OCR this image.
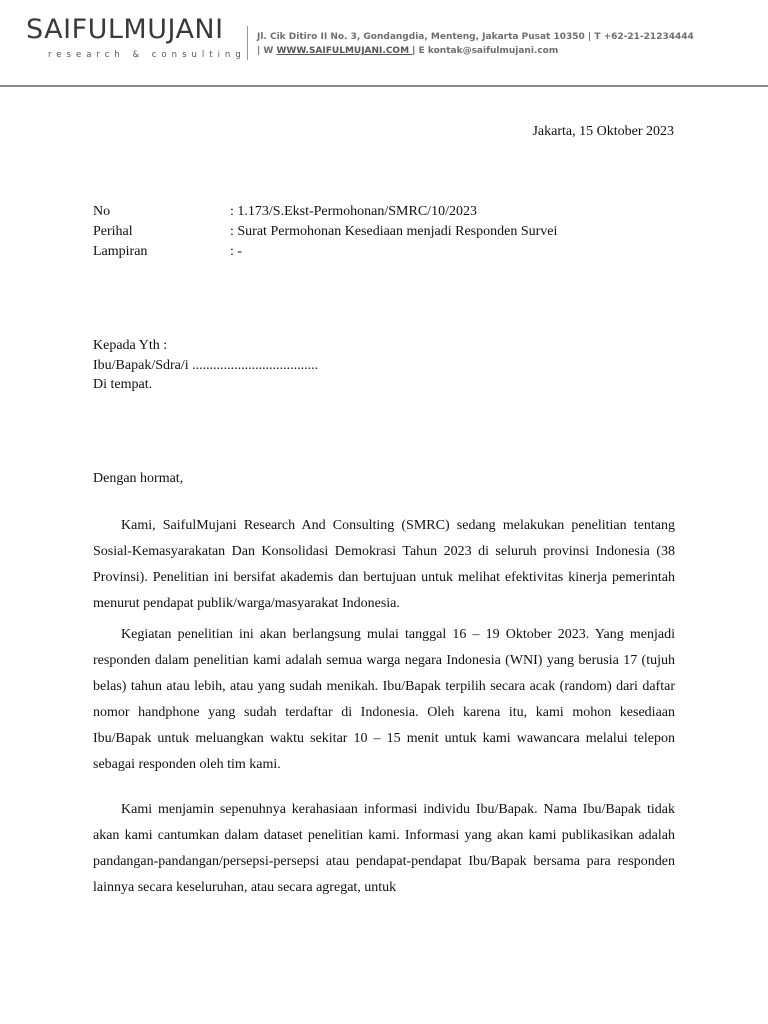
SAIFULMUJANI
research & consulting
Jl. Cik Ditiro II No. 3, Gondangdia, Menteng, Jakarta Pusat 10350 | T +62-21-21234444
| W WWW.SAIFULMUJANI.COM | E kontak@saifulmujani.com
Jakarta, 15 Oktober 2023
No	: 1.173/S.Ekst-Permohonan/SMRC/10/2023
Perihal	: Surat Permohonan Kesediaan menjadi Responden Survei
Lampiran	: -
Kepada Yth :
Ibu/Bapak/Sdra/i ....................................
Di tempat.
Dengan hormat,

Kami, SaifulMujani Research And Consulting (SMRC) sedang melakukan penelitian tentang Sosial-Kemasyarakatan Dan Konsolidasi Demokrasi Tahun 2023 di seluruh provinsi Indonesia (38 Provinsi). Penelitian ini bersifat akademis dan bertujuan untuk melihat efektivitas kinerja pemerintah menurut pendapat publik/warga/masyarakat Indonesia.

Kegiatan penelitian ini akan berlangsung mulai tanggal 16 – 19 Oktober 2023. Yang menjadi responden dalam penelitian kami adalah semua warga negara Indonesia (WNI) yang berusia 17 (tujuh belas) tahun atau lebih, atau yang sudah menikah. Ibu/Bapak terpilih secara acak (random) dari daftar nomor handphone yang sudah terdaftar di Indonesia. Oleh karena itu, kami mohon kesediaan Ibu/Bapak untuk meluangkan waktu sekitar 10 – 15 menit untuk kami wawancara melalui telepon sebagai responden oleh tim kami.

Kami menjamin sepenuhnya kerahasiaan informasi individu Ibu/Bapak. Nama Ibu/Bapak tidak akan kami cantumkan dalam dataset penelitian kami. Informasi yang akan kami publikasikan adalah pandangan-pandangan/persepsi-persepsi atau pendapat-pendapat Ibu/Bapak bersama para responden lainnya secara keseluruhan, atau secara agregat, untuk
